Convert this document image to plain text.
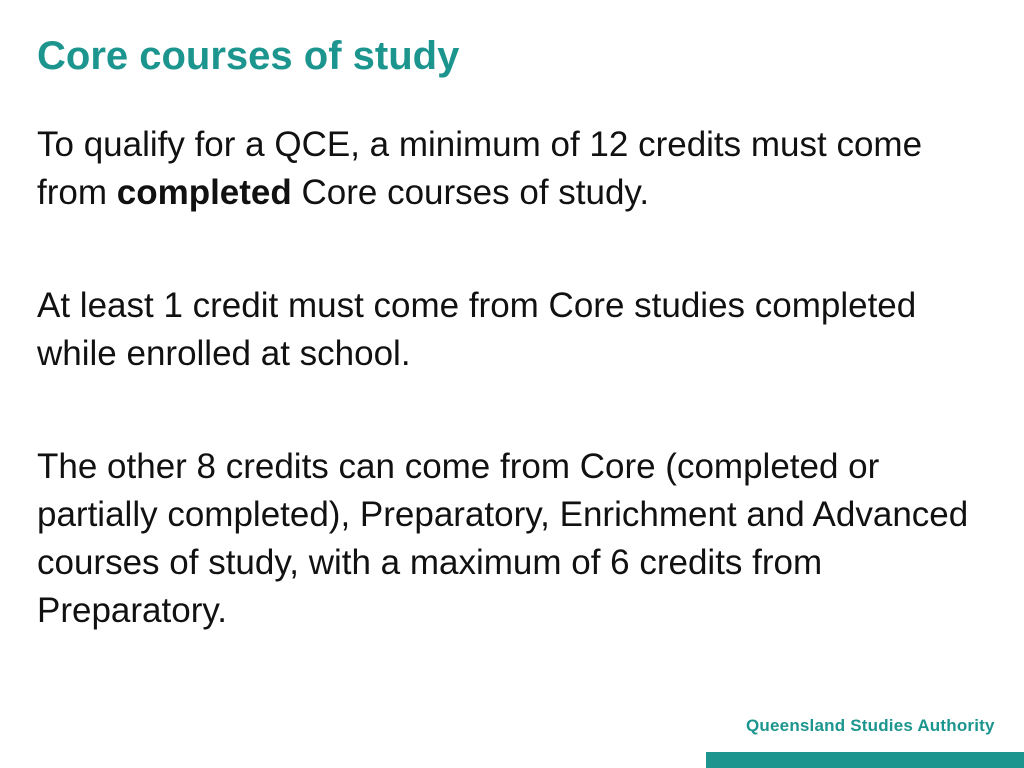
Core courses of study

To qualify for a QCE, a minimum of 12 credits must come from completed Core courses of study.

At least 1 credit must come from Core studies completed while enrolled at school.

The other 8 credits can come from Core (completed or partially completed), Preparatory, Enrichment and Advanced courses of study, with a maximum of 6 credits from Preparatory.

Queensland Studies Authority
